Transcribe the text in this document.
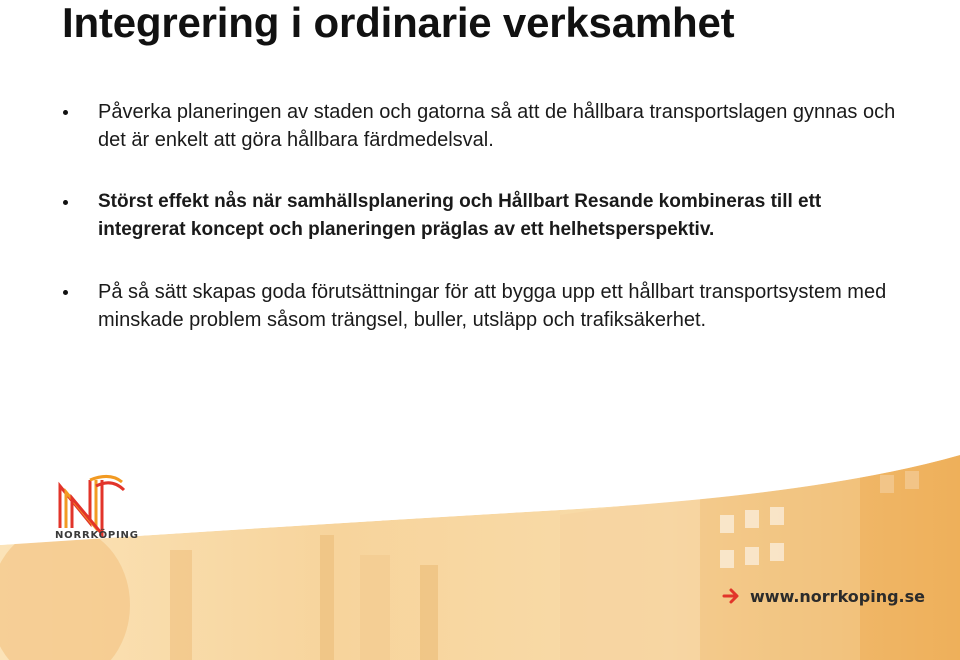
Integrering i ordinarie verksamhet
Påverka planeringen av staden och gatorna så att de hållbara transportslagen gynnas och det är enkelt att göra hållbara färdmedelsval.
Störst effekt nås när samhällsplanering och Hållbart Resande kombineras till ett integrerat koncept och planeringen präglas av ett helhetsperspektiv.
På så sätt skapas goda förutsättningar för att bygga upp ett hållbart transportsystem med minskade problem såsom trängsel, buller, utsläpp och trafiksäkerhet.
NORRKÖPING
www.norrkoping.se
